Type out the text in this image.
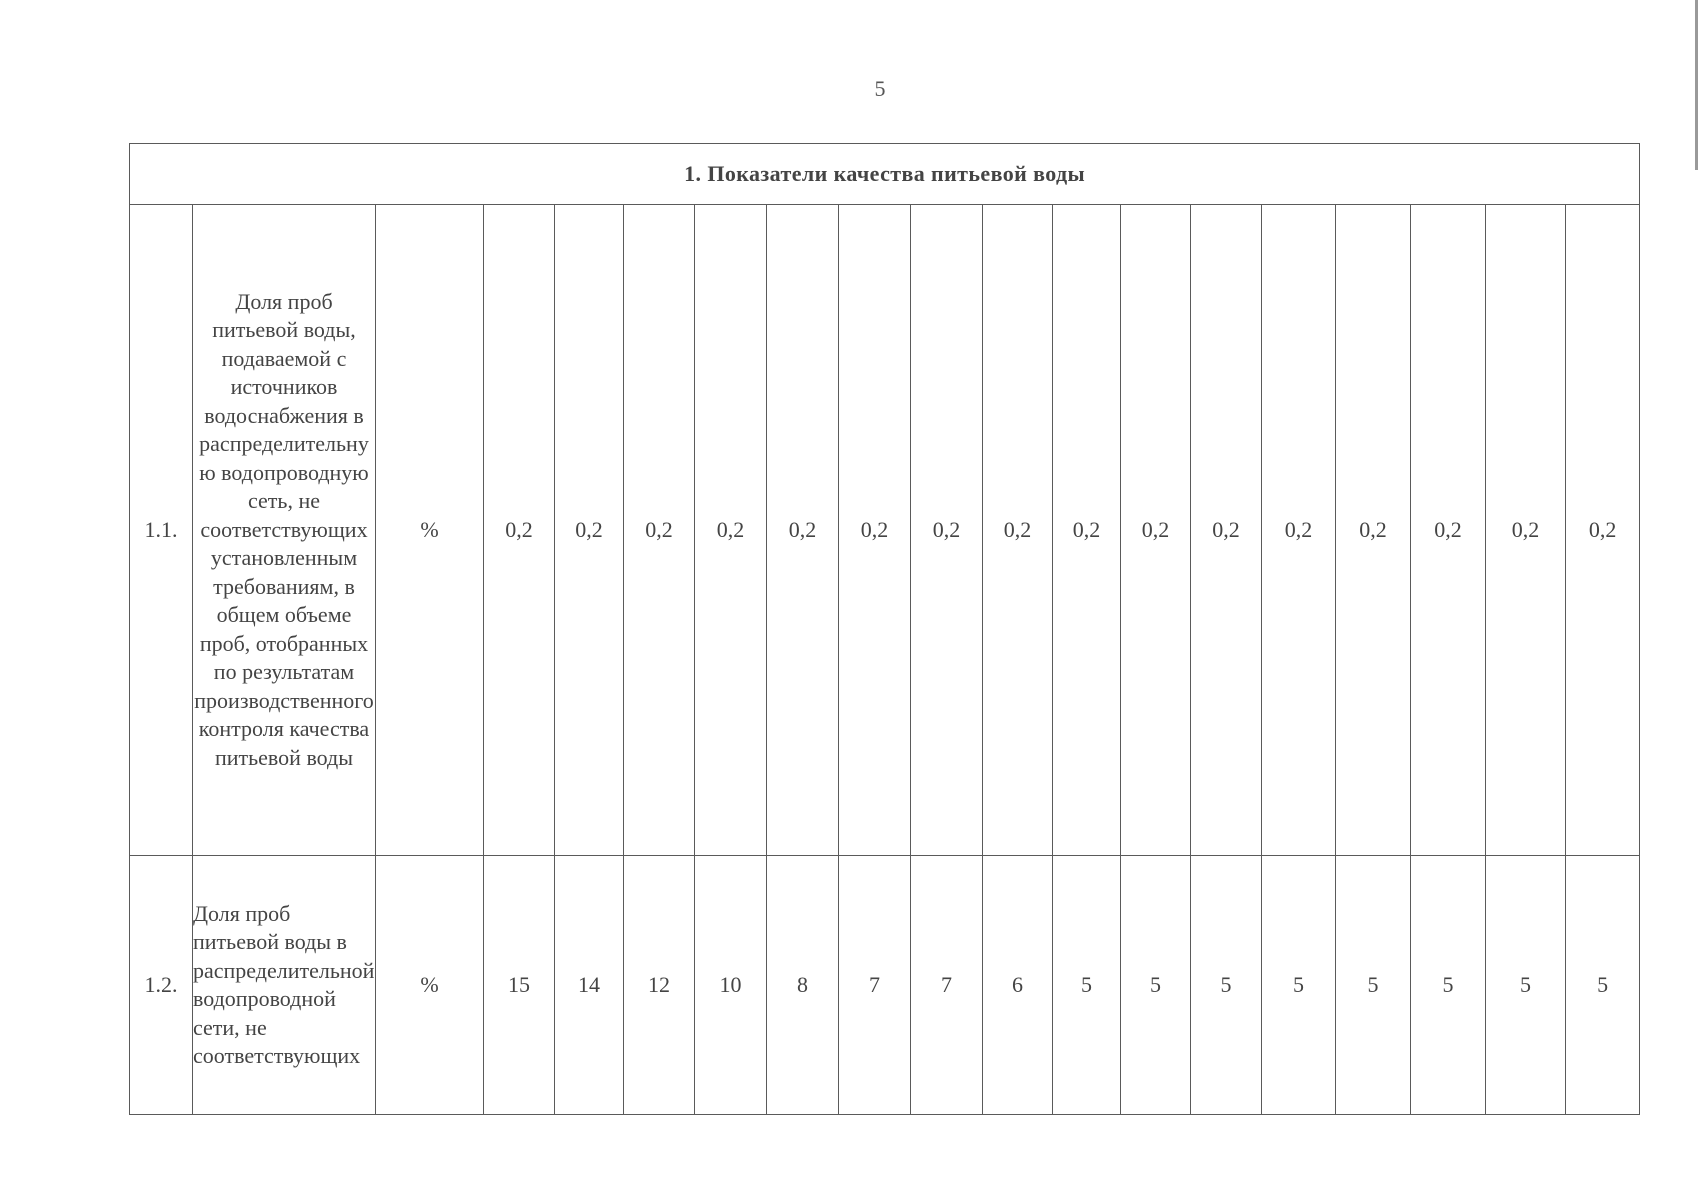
5
1. Показатели качества питьевой воды																		
1.1.	Доля проб питьевой воды, подаваемой с источников водоснабжения в распределительную водопроводную сеть, не соответствующих установленным требованиям, в общем объеме проб, отобранных по результатам производственного контроля качества питьевой воды	%	0,2	0,2	0,2	0,2	0,2	0,2	0,2	0,2	0,2	0,2	0,2	0,2	0,2	0,2	0,2	0,2
1.2.	Доля проб питьевой воды в распределительной водопроводной сети, не соответствующих	%	15	14	12	10	8	7	7	6	5	5	5	5	5	5	5	5
